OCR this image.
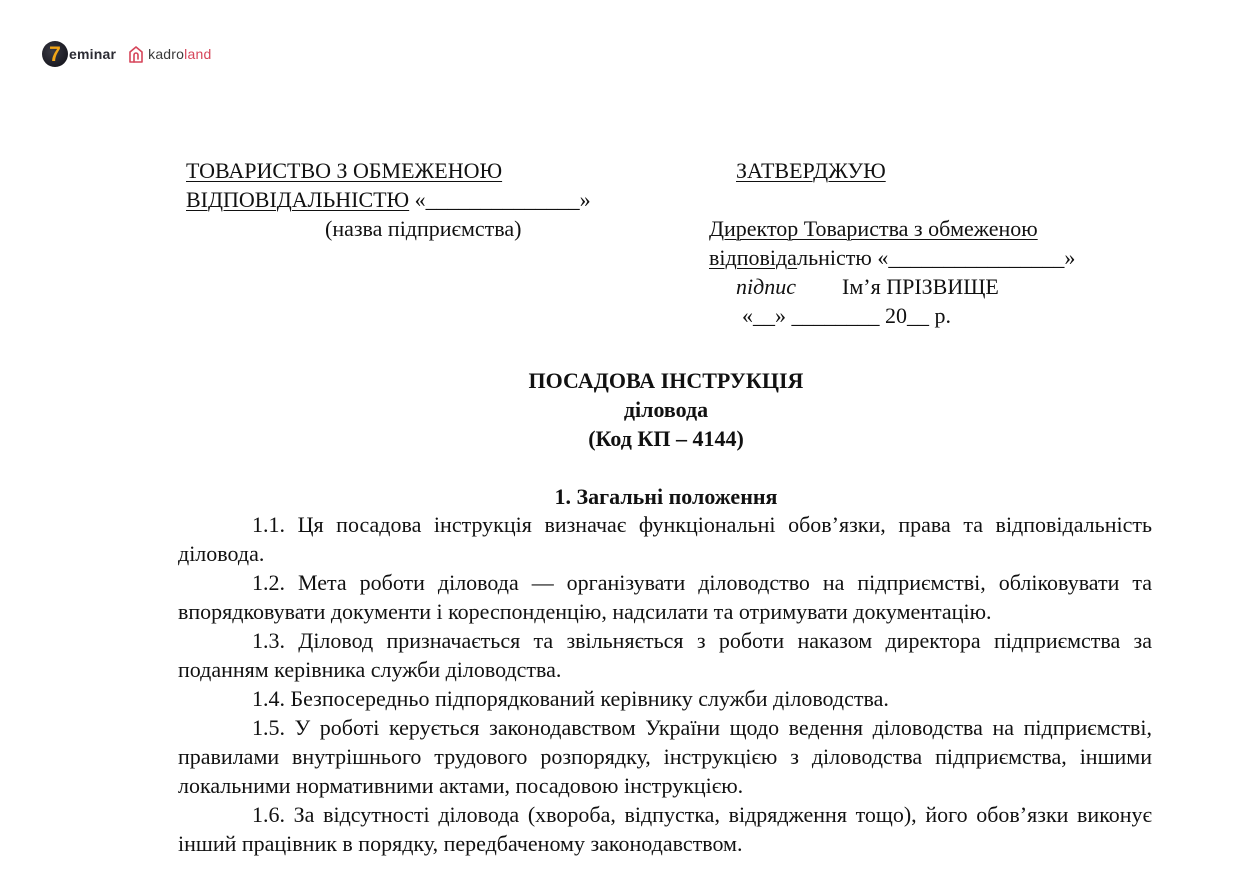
7 eminar kadroland
ТОВАРИСТВО З ОБМЕЖЕНОЮ
ВІДПОВІДАЛЬНІСТЮ «______________»
(назва підприємства)
ЗАТВЕРДЖУЮ
Директор Товариства з обмеженою
відповідальністю «________________»
підпис Ім’я ПРІЗВИЩЕ
«__» ________ 20__ р.
ПОСАДОВА ІНСТРУКЦІЯ
діловода
(Код КП – 4144)
1. Загальні положення

1.1. Ця посадова інструкція визначає функціональні обов’язки, права та відповідальність діловода.

1.2. Мета роботи діловода — організувати діловодство на підприємстві, обліковувати та впорядковувати документи і кореспонденцію, надсилати та отримувати документацію.

1.3. Діловод призначається та звільняється з роботи наказом директора підприємства за поданням керівника служби діловодства.

1.4. Безпосередньо підпорядкований керівнику служби діловодства.

1.5. У роботі керується законодавством України щодо ведення діловодства на підприємстві, правилами внутрішнього трудового розпорядку, інструкцією з діловодства підприємства, іншими локальними нормативними актами, посадовою інструкцією.

1.6. За відсутності діловода (хвороба, відпустка, відрядження тощо), його обов’язки виконує інший працівник в порядку, передбаченому законодавством.
